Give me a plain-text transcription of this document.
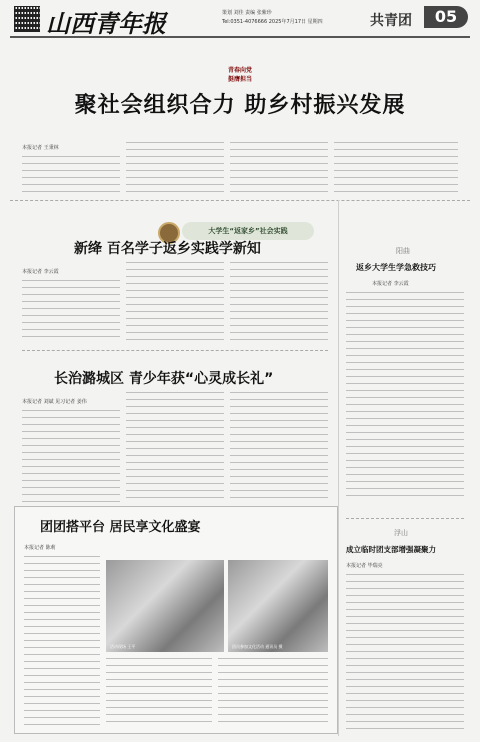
山西青年报	策划 刘佳 责编 张紫珍
Tel:0351-4076666 2025年7月17日 星期四	共青团	05
青春向党
挺膺担当
聚社会组织合力 助乡村振兴发展
本报记者 王秉林
大学生“返家乡”社会实践
新绛 百名学子返乡实践学新知
本报记者 李云霞
长治潞城区 青少年获“心灵成长礼”
本报记者 刘斌 见习记者 姜伟
团团搭平台 居民享文化盛宴
本报记者 陈莉
活动现场 王平	团员参加文化活动 通讯员 摄
阳曲
返乡大学生学急救技巧
本报记者 李云霞
浮山
成立临时团支部增强凝聚力
本报记者 毕瑞亮
